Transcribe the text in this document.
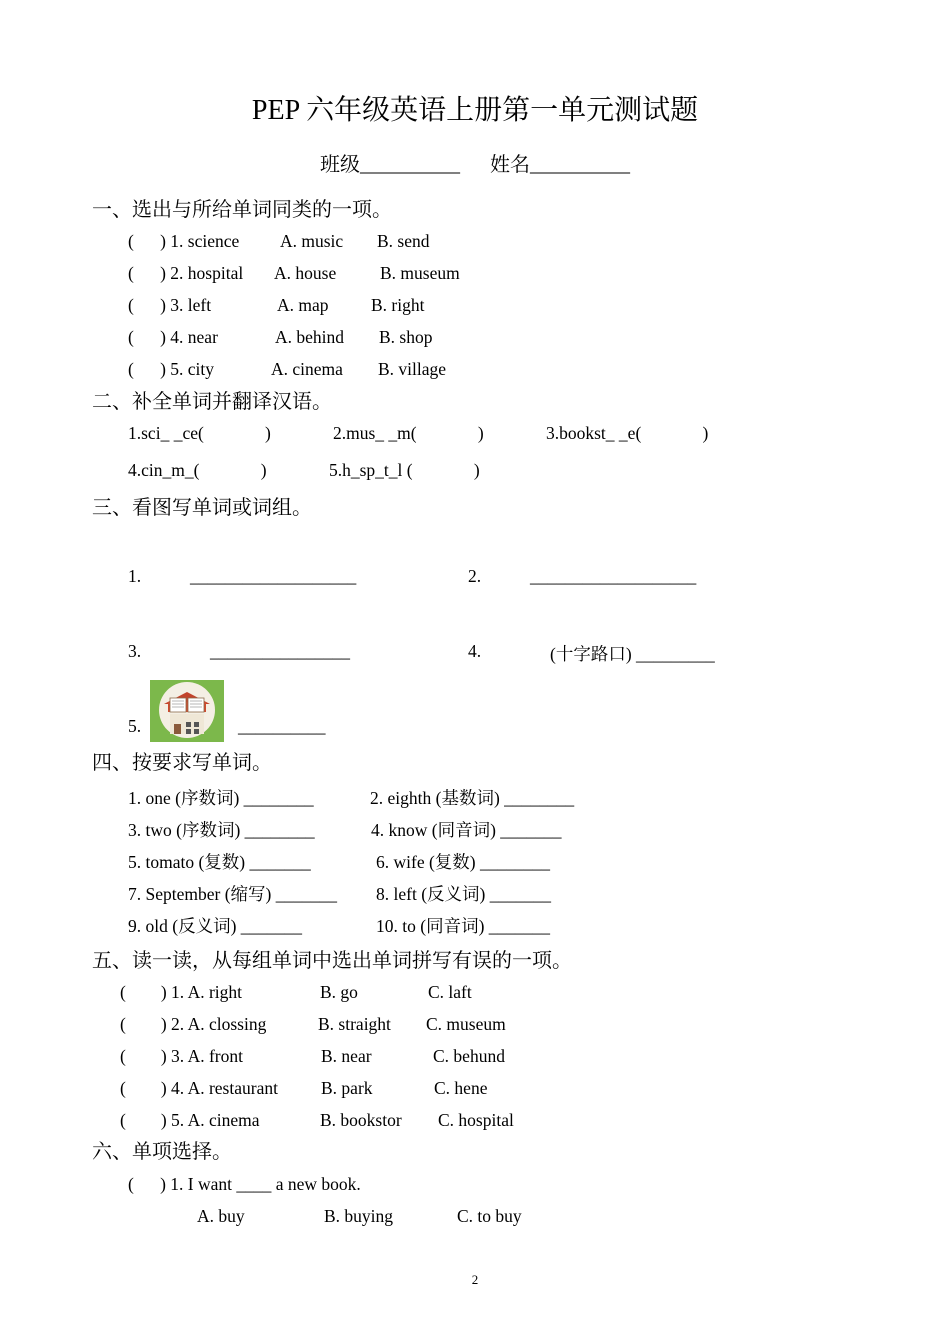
PEP 六年级英语上册第一单元测试题
班级__________ 姓名__________
一、选出与所给单词同类的一项。
(      ) 1. science A. music B. send
(      ) 2. hospital A. house	B. museum
(      ) 3. left	A. map B. right
(      ) 4. near	A. behind B. shop
(      ) 5. city	A. cinema B. village
二、补全单词并翻译汉语。
1.sci_ _ce(              )	2.mus_ _m(              )	3.bookst_ _e(              )
4.cin_m_(              )	5.h_sp_t_l (              )
三、看图写单词或词组。
1.	___________________	2.	___________________
3.	________________	4.	(十字路口) _________
5.	__________
四、按要求写单词。
1. one (序数词) ________	2. eighth (基数词) ________
3. two (序数词) ________	4. know (同音词) _______
5. tomato (复数) _______	6. wife (复数) ________
7. September (缩写) _______ 8. left (反义词) _______
9. old (反义词) _______	10. to (同音词) _______
五、读一读，从每组单词中选出单词拼写有误的一项。
(        ) 1. A. right	B. go	C. laft
(        ) 2. A. clossing	B. straight C. museum
(        ) 3. A. front	B. near	C. behund
(        ) 4. A. restaurant B. park	C. hene
(        ) 5. A. cinema	B. bookstor C. hospital
六、单项选择。
(      ) 1. I want ____ a new book.
A. buy	B. buying	C. to buy
2
